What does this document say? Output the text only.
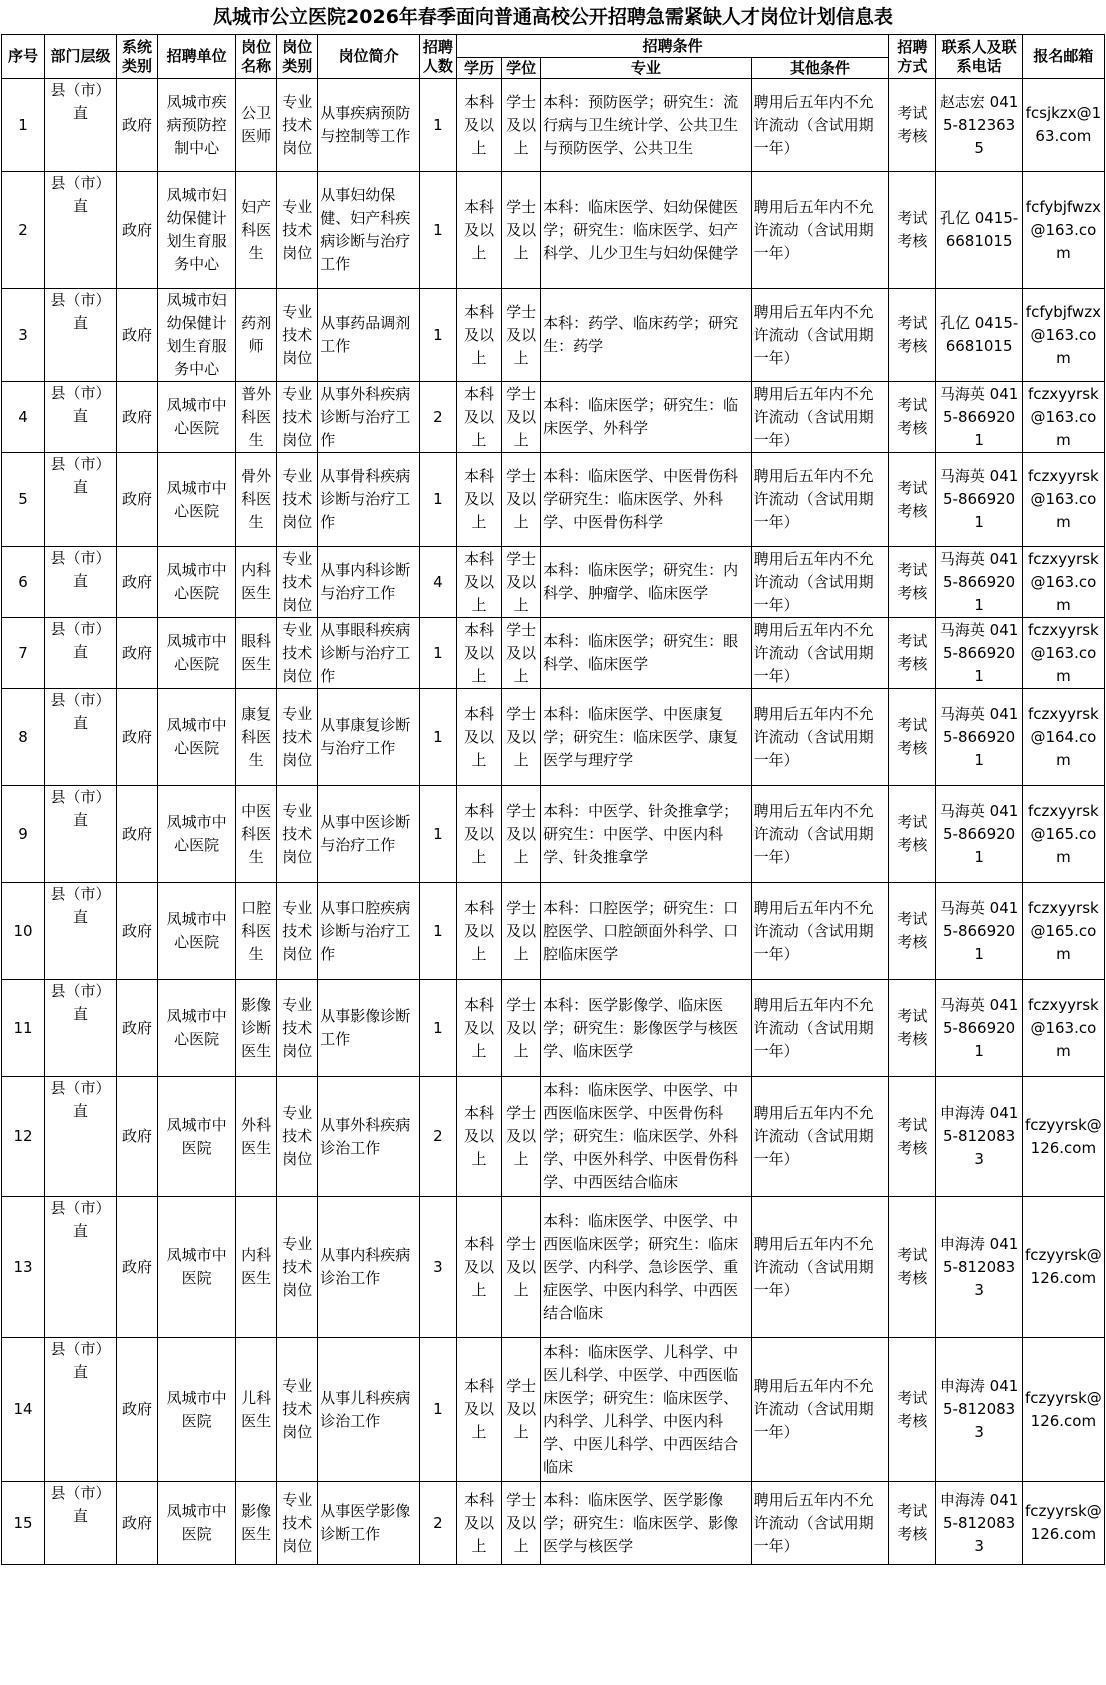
凤城市公立医院2026年春季面向普通高校公开招聘急需紧缺人才岗位计划信息表
序号	部门层级	系统类别	招聘单位	岗位名称	岗位类别	岗位简介	招聘人数	招聘条件				招聘方式	联系人及联系电话	报名邮箱
								学历	学位	专业	其他条件			
1	县（市）直	政府	凤城市疾病预防控制中心	公卫医师	专业技术岗位	从事疾病预防与控制等工作	1	本科及以上	学士及以上	本科：预防医学；研究生：流行病与卫生统计学、公共卫生与预防医学、公共卫生	聘用后五年内不允许流动（含试用期一年）	考试考核	赵志宏 0415-8123635	fcsjkzx@163.com
2	县（市）直	政府	凤城市妇幼保健计划生育服务中心	妇产科医生	专业技术岗位	从事妇幼保健、妇产科疾病诊断与治疗工作	1	本科及以上	学士及以上	本科：临床医学、妇幼保健医学；研究生：临床医学、妇产科学、儿少卫生与妇幼保健学	聘用后五年内不允许流动（含试用期一年）	考试考核	孔亿 0415-6681015	fcfybjfwzx@163.com
3	县（市）直	政府	凤城市妇幼保健计划生育服务中心	药剂师	专业技术岗位	从事药品调剂工作	1	本科及以上	学士及以上	本科：药学、临床药学；研究生：药学	聘用后五年内不允许流动（含试用期一年）	考试考核	孔亿 0415-6681015	fcfybjfwzx@163.com
4	县（市）直	政府	凤城市中心医院	普外科医生	专业技术岗位	从事外科疾病诊断与治疗工作	2	本科及以上	学士及以上	本科：临床医学；研究生：临床医学、外科学	聘用后五年内不允许流动（含试用期一年）	考试考核	马海英 0415-8669201	fczxyyrsk@163.com
5	县（市）直	政府	凤城市中心医院	骨外科医生	专业技术岗位	从事骨科疾病诊断与治疗工作	1	本科及以上	学士及以上	本科：临床医学、中医骨伤科学研究生：临床医学、外科学、中医骨伤科学	聘用后五年内不允许流动（含试用期一年）	考试考核	马海英 0415-8669201	fczxyyrsk@163.com
6	县（市）直	政府	凤城市中心医院	内科医生	专业技术岗位	从事内科诊断与治疗工作	4	本科及以上	学士及以上	本科：临床医学；研究生：内科学、肿瘤学、临床医学	聘用后五年内不允许流动（含试用期一年）	考试考核	马海英 0415-8669201	fczxyyrsk@163.com
7	县（市）直	政府	凤城市中心医院	眼科医生	专业技术岗位	从事眼科疾病诊断与治疗工作	1	本科及以上	学士及以上	本科：临床医学；研究生：眼科学、临床医学	聘用后五年内不允许流动（含试用期一年）	考试考核	马海英 0415-8669201	fczxyyrsk@163.com
8	县（市）直	政府	凤城市中心医院	康复科医生	专业技术岗位	从事康复诊断与治疗工作	1	本科及以上	学士及以上	本科：临床医学、中医康复学；研究生：临床医学、康复医学与理疗学	聘用后五年内不允许流动（含试用期一年）	考试考核	马海英 0415-8669201	fczxyyrsk@164.com
9	县（市）直	政府	凤城市中心医院	中医科医生	专业技术岗位	从事中医诊断与治疗工作	1	本科及以上	学士及以上	本科：中医学、针灸推拿学；研究生：中医学、中医内科学、针灸推拿学	聘用后五年内不允许流动（含试用期一年）	考试考核	马海英 0415-8669201	fczxyyrsk@165.com
10	县（市）直	政府	凤城市中心医院	口腔科医生	专业技术岗位	从事口腔疾病诊断与治疗工作	1	本科及以上	学士及以上	本科：口腔医学；研究生：口腔医学、口腔颌面外科学、口腔临床医学	聘用后五年内不允许流动（含试用期一年）	考试考核	马海英 0415-8669201	fczxyyrsk@165.com
11	县（市）直	政府	凤城市中心医院	影像诊断医生	专业技术岗位	从事影像诊断工作	1	本科及以上	学士及以上	本科：医学影像学、临床医学；研究生：影像医学与核医学、临床医学	聘用后五年内不允许流动（含试用期一年）	考试考核	马海英 0415-8669201	fczxyyrsk@163.com
12	县（市）直	政府	凤城市中医院	外科医生	专业技术岗位	从事外科疾病诊治工作	2	本科及以上	学士及以上	本科：临床医学、中医学、中西医临床医学、中医骨伤科学；研究生：临床医学、外科学、中医外科学、中医骨伤科学、中西医结合临床	聘用后五年内不允许流动（含试用期一年）	考试考核	申海涛 0415-8120833	fczyyrsk@126.com
13	县（市）直	政府	凤城市中医院	内科医生	专业技术岗位	从事内科疾病诊治工作	3	本科及以上	学士及以上	本科：临床医学、中医学、中西医临床医学；研究生：临床医学、内科学、急诊医学、重症医学、中医内科学、中西医结合临床	聘用后五年内不允许流动（含试用期一年）	考试考核	申海涛 0415-8120833	fczyyrsk@126.com
14	县（市）直	政府	凤城市中医院	儿科医生	专业技术岗位	从事儿科疾病诊治工作	1	本科及以上	学士及以上	本科：临床医学、儿科学、中医儿科学、中医学、中西医临床医学；研究生：临床医学、内科学、儿科学、中医内科学、中医儿科学、中西医结合临床	聘用后五年内不允许流动（含试用期一年）	考试考核	申海涛 0415-8120833	fczyyrsk@126.com
15	县（市）直	政府	凤城市中医院	影像医生	专业技术岗位	从事医学影像诊断工作	2	本科及以上	学士及以上	本科：临床医学、医学影像学；研究生：临床医学、影像医学与核医学	聘用后五年内不允许流动（含试用期一年）	考试考核	申海涛 0415-8120833	fczyyrsk@126.com
